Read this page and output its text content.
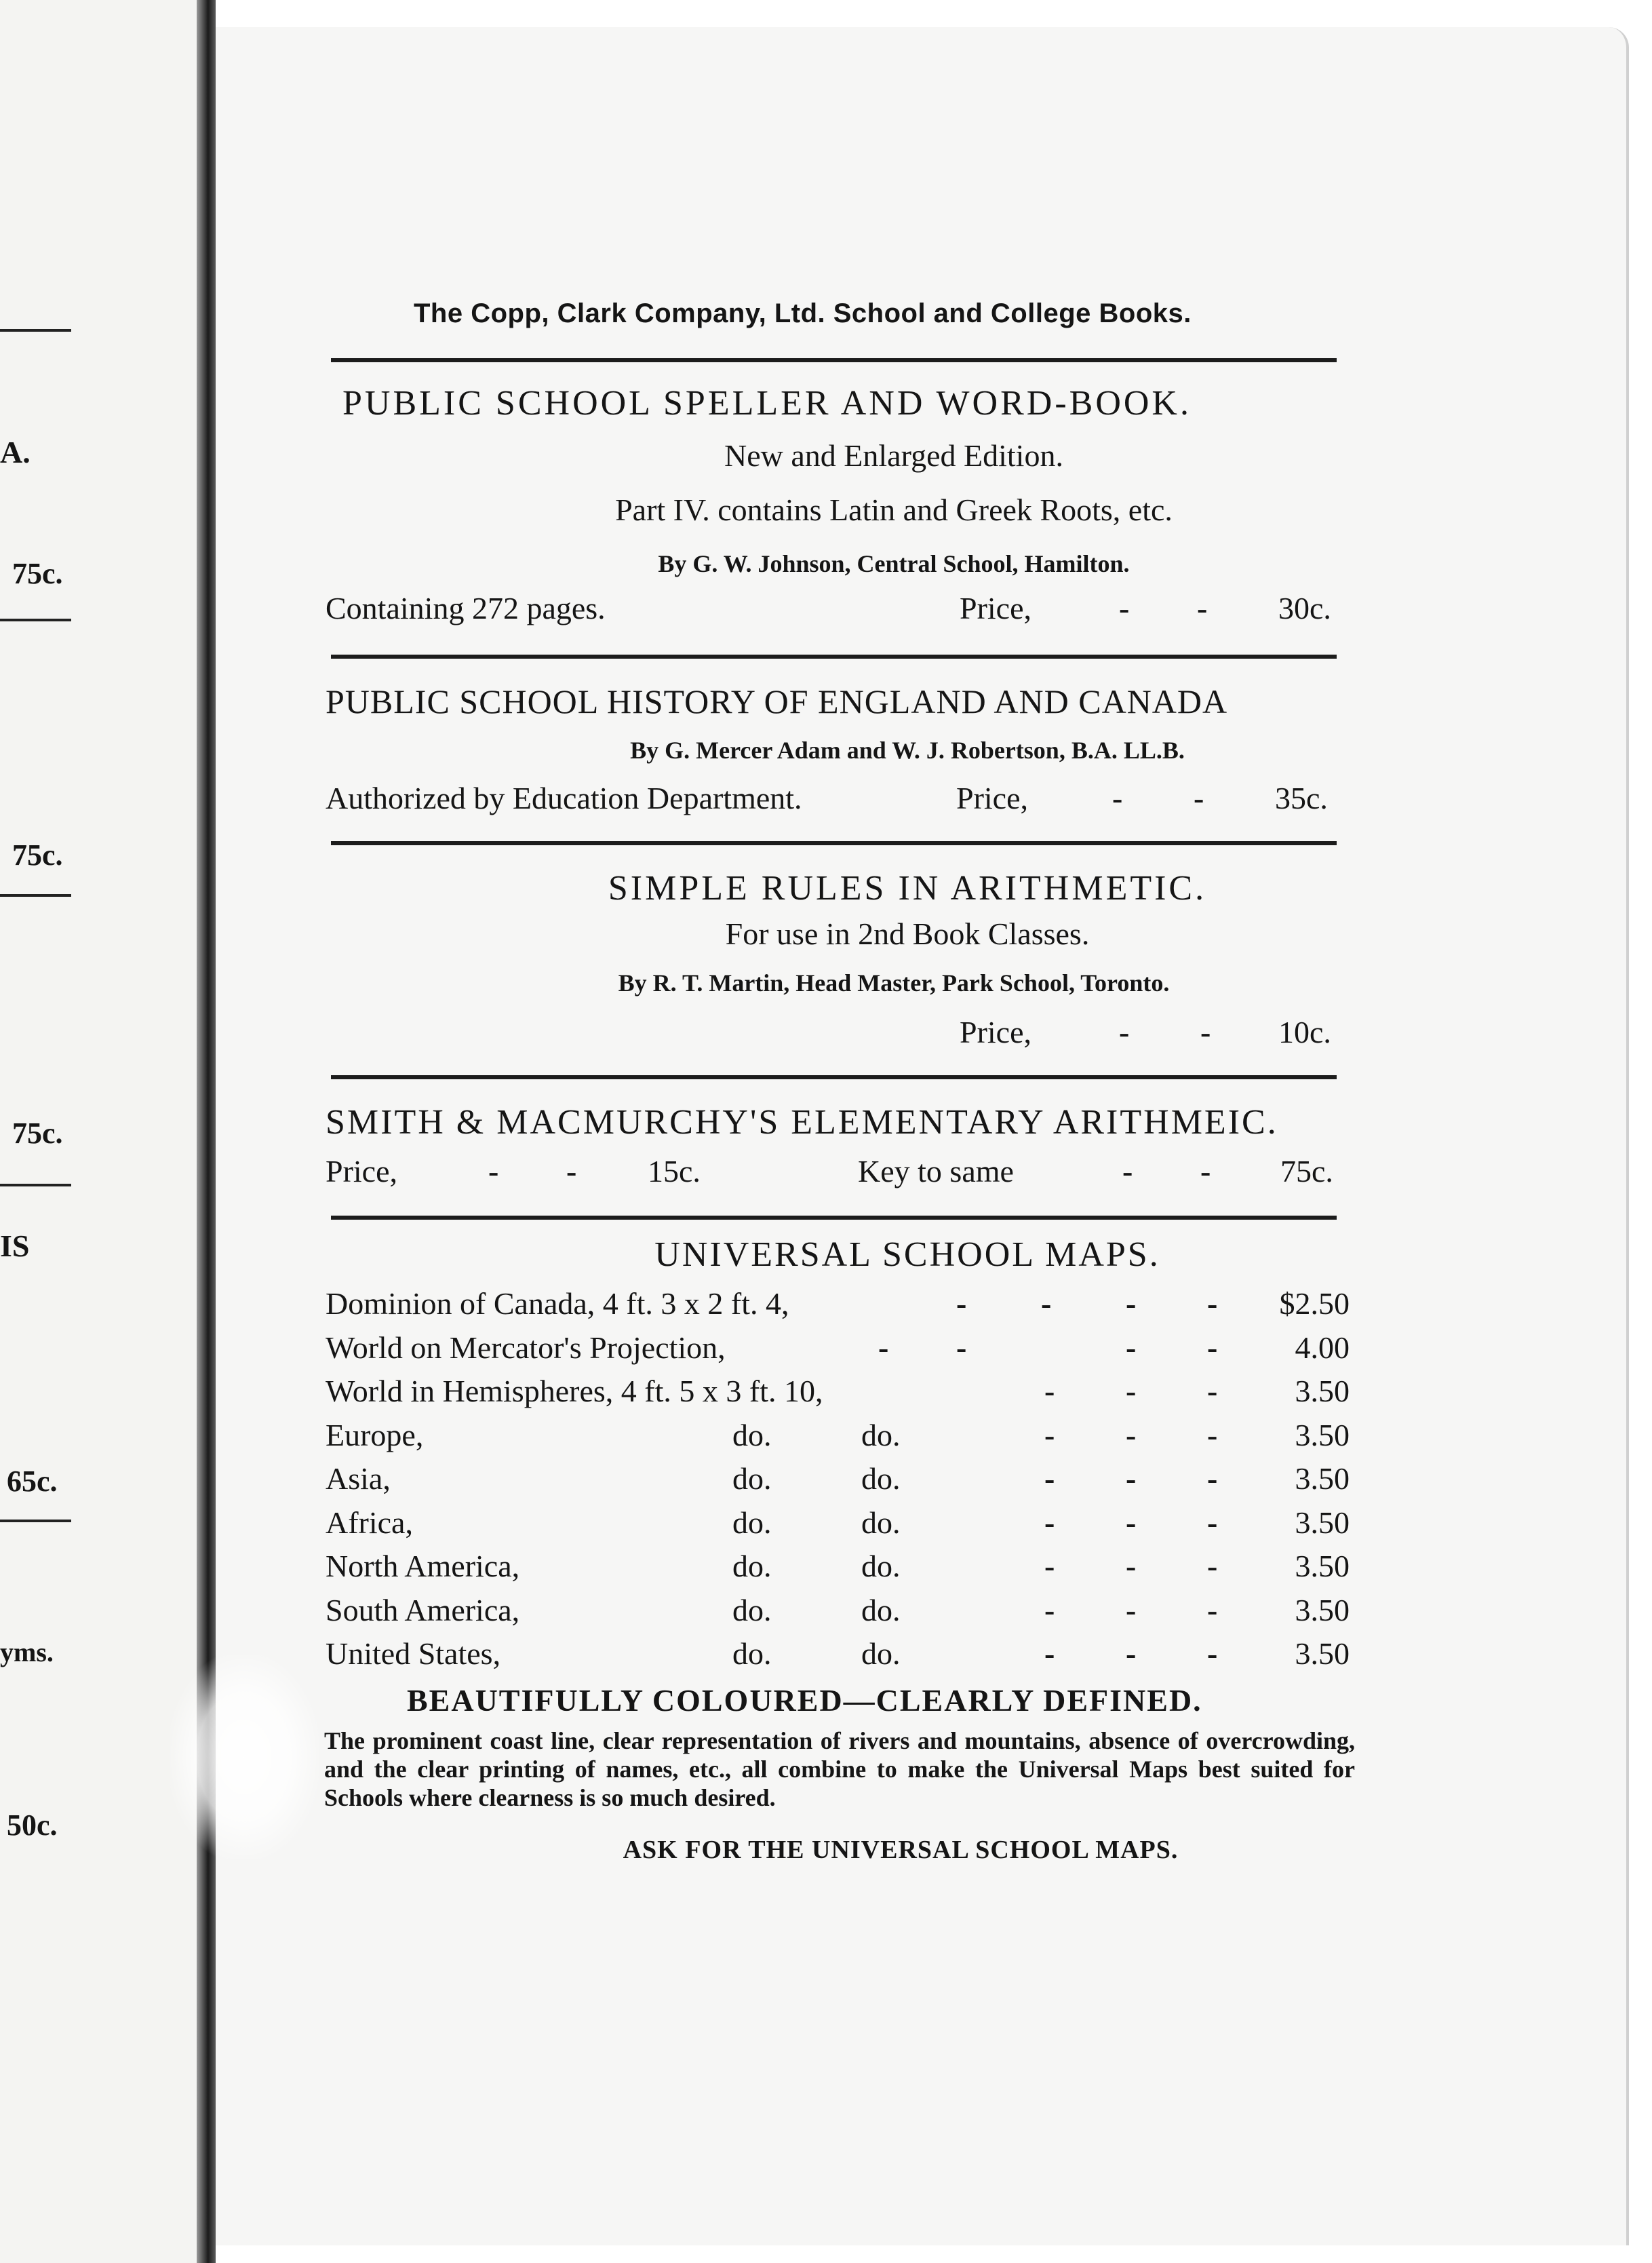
A.
75c.
75c.
75c.
IS
65c.
yms.
50c.
The Copp, Clark Company, Ltd. School and College Books.
PUBLIC SCHOOL SPELLER AND WORD-BOOK.
New and Enlarged Edition.
Part IV. contains Latin and Greek Roots, etc.
By G. W. Johnson, Central School, Hamilton.
Containing 272 pages.	Price,	- - 30c.
PUBLIC SCHOOL HISTORY OF ENGLAND AND CANADA
By G. Mercer Adam and W. J. Robertson, B.A. LL.B.
Authorized by Education Department.	Price,	- - 35c.
SIMPLE RULES IN ARITHMETIC.
For use in 2nd Book Classes.
By R. T. Martin, Head Master, Park School, Toronto.
Price,	- - 10c.
SMITH & MACMURCHY'S ELEMENTARY ARITHMEIC.
Price,	- - 15c.	Key to same	- - 75c.
UNIVERSAL SCHOOL MAPS.
Dominion of Canada, 4 ft. 3 x 2 ft. 4,	- - - - $2.50
World on Mercator's Projection,	- -	- - 4.00
World in Hemispheres, 4 ft. 5 x 3 ft. 10,	- - - 3.50
Europe,	do.	do.	- - - 3.50
Asia,	do.	do.	- - - 3.50
Africa,	do.	do.	- - - 3.50
North America,	do.	do.	- - - 3.50
South America,	do.	do.	- - - 3.50
United States,	do.	do.	- - - 3.50
BEAUTIFULLY COLOURED—CLEARLY DEFINED.
The prominent coast line, clear representation of rivers and mountains, absence of overcrowding, and the clear printing of names, etc., all combine to make the Universal Maps best suited for Schools where clearness is so much desired.
ASK FOR THE UNIVERSAL SCHOOL MAPS.
